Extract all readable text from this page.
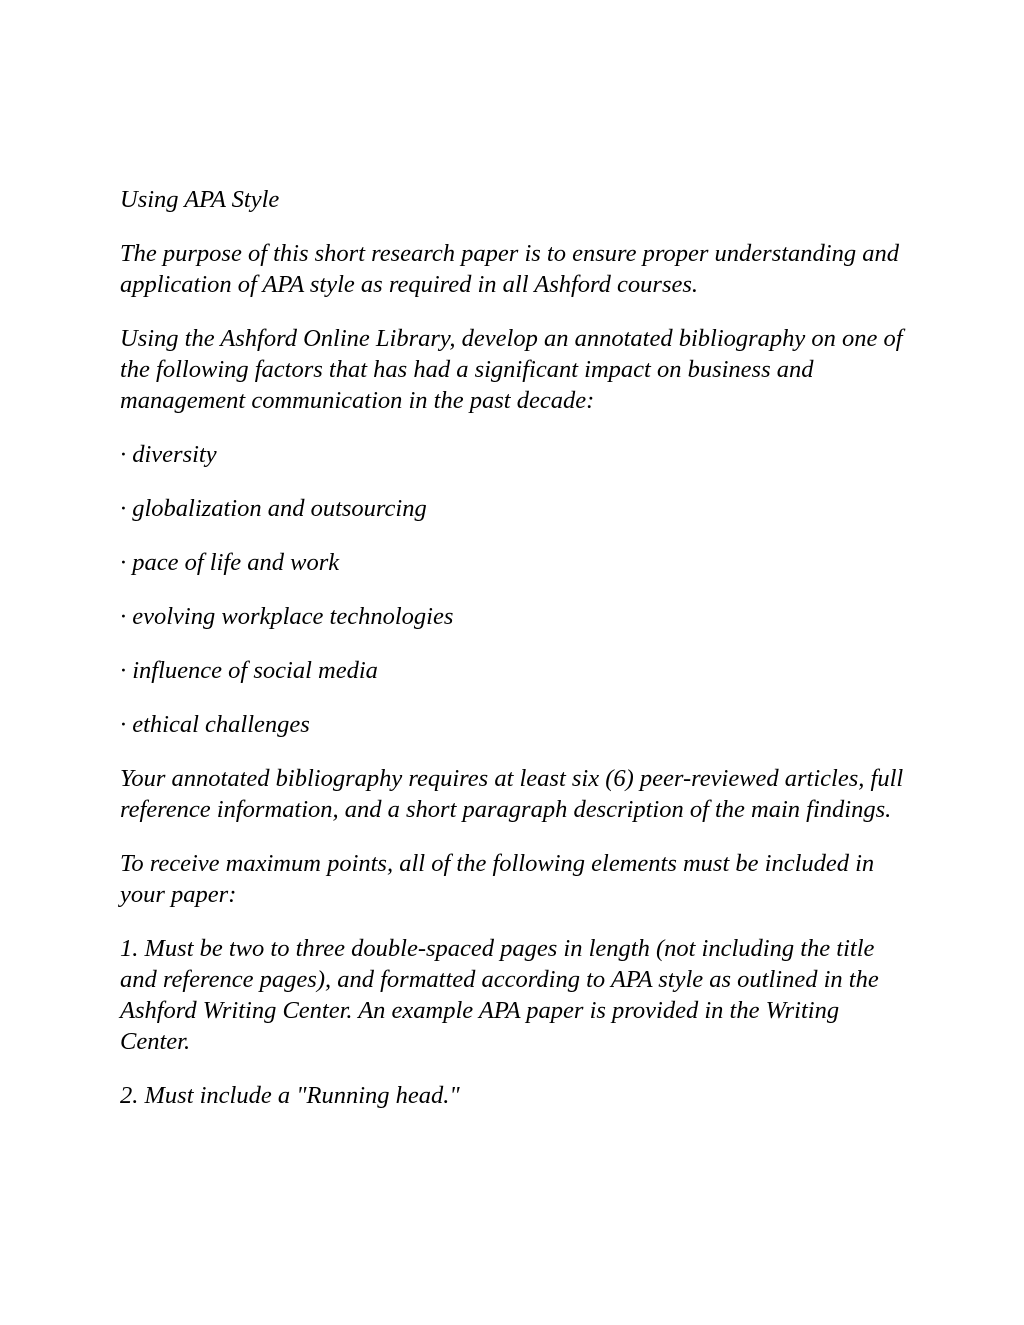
Using APA Style

The purpose of this short research paper is to ensure proper understanding and application of APA style as required in all Ashford courses.

Using the Ashford Online Library, develop an annotated bibliography on one of the following factors that has had a significant impact on business and management communication in the past decade:

· diversity

· globalization and outsourcing

· pace of life and work

· evolving workplace technologies

· influence of social media

· ethical challenges

Your annotated bibliography requires at least six (6) peer-reviewed articles, full reference information, and a short paragraph description of the main findings.

To receive maximum points, all of the following elements must be included in your paper:

1. Must be two to three double-spaced pages in length (not including the title and reference pages), and formatted according to APA style as outlined in the Ashford Writing Center. An example APA paper is provided in the Writing Center.

2. Must include a "Running head."
